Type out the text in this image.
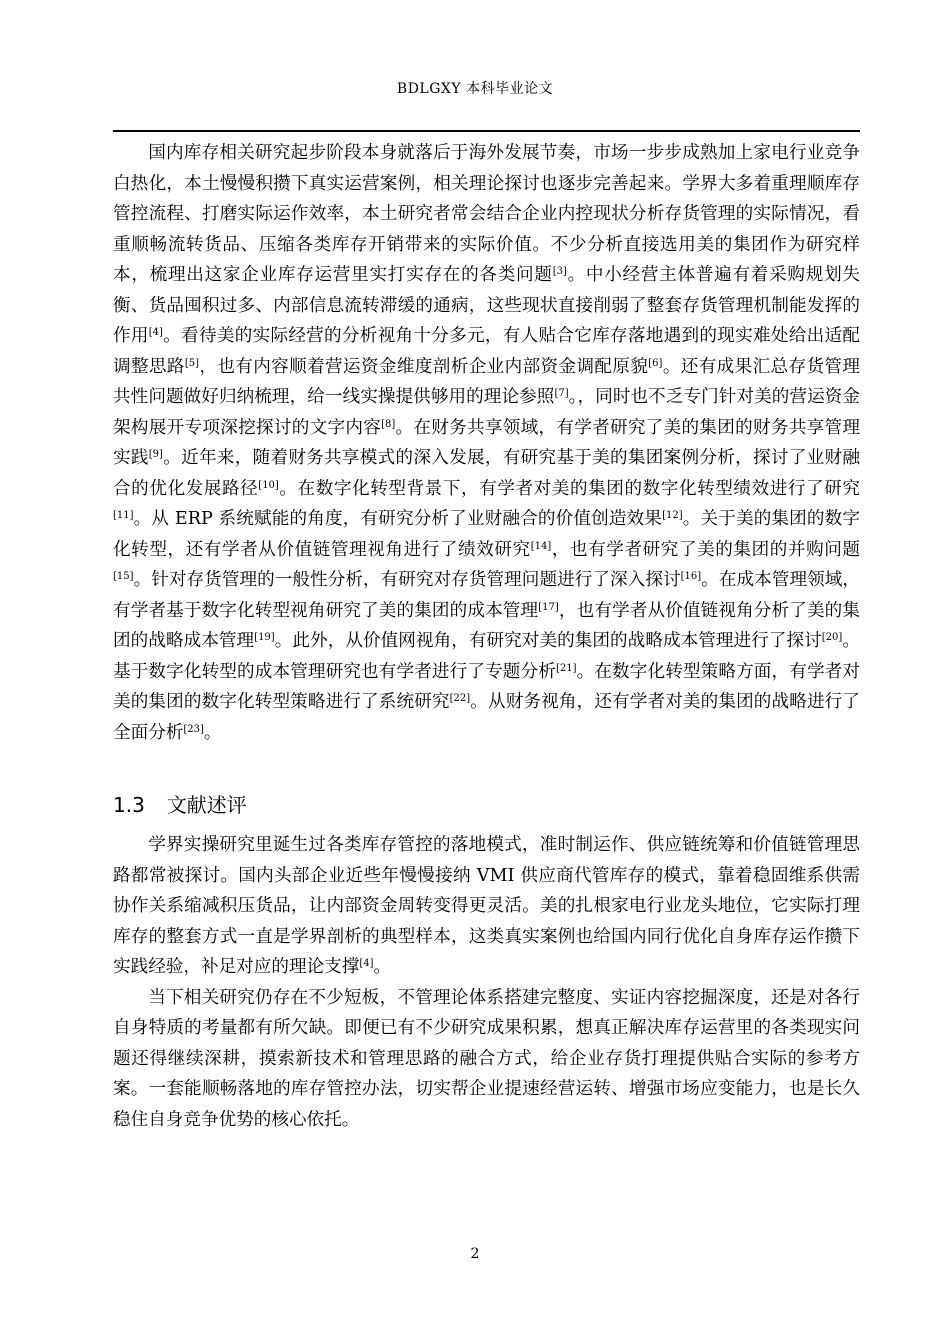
BDLGXY 本科毕业论文

国内库存相关研究起步阶段本身就落后于海外发展节奏，市场一步步成熟加上家电行业竞争白热化，本土慢慢积攒下真实运营案例，相关理论探讨也逐步完善起来。学界大多着重理顺库存管控流程、打磨实际运作效率，本土研究者常会结合企业内控现状分析存货管理的实际情况，看重顺畅流转货品、压缩各类库存开销带来的实际价值。不少分析直接选用美的集团作为研究样本，梳理出这家企业库存运营里实打实存在的各类问题[3]。中小经营主体普遍有着采购规划失衡、货品囤积过多、内部信息流转滞缓的通病，这些现状直接削弱了整套存货管理机制能发挥的作用[4]。看待美的实际经营的分析视角十分多元，有人贴合它库存落地遇到的现实难处给出适配调整思路[5]，也有内容顺着营运资金维度剖析企业内部资金调配原貌[6]。还有成果汇总存货管理共性问题做好归纳梳理，给一线实操提供够用的理论参照[7]。，同时也不乏专门针对美的营运资金架构展开专项深挖探讨的文字内容[8]。在财务共享领域，有学者研究了美的集团的财务共享管理实践[9]。近年来，随着财务共享模式的深入发展，有研究基于美的集团案例分析，探讨了业财融合的优化发展路径[10]。在数字化转型背景下，有学者对美的集团的数字化转型绩效进行了研究[11]。从 ERP 系统赋能的角度，有研究分析了业财融合的价值创造效果[12]。关于美的集团的数字化转型，还有学者从价值链管理视角进行了绩效研究[14]，也有学者研究了美的集团的并购问题[15]。针对存货管理的一般性分析，有研究对存货管理问题进行了深入探讨[16]。在成本管理领域，有学者基于数字化转型视角研究了美的集团的成本管理[17]，也有学者从价值链视角分析了美的集团的战略成本管理[19]。此外，从价值网视角，有研究对美的集团的战略成本管理进行了探讨[20]。基于数字化转型的成本管理研究也有学者进行了专题分析[21]。在数字化转型策略方面，有学者对美的集团的数字化转型策略进行了系统研究[22]。从财务视角，还有学者对美的集团的战略进行了全面分析[23]。

1.3 文献述评

学界实操研究里诞生过各类库存管控的落地模式，准时制运作、供应链统筹和价值链管理思路都常被探讨。国内头部企业近些年慢慢接纳 VMI 供应商代管库存的模式，靠着稳固维系供需协作关系缩减积压货品，让内部资金周转变得更灵活。美的扎根家电行业龙头地位，它实际打理库存的整套方式一直是学界剖析的典型样本，这类真实案例也给国内同行优化自身库存运作攒下实践经验，补足对应的理论支撑[4]。

当下相关研究仍存在不少短板，不管理论体系搭建完整度、实证内容挖掘深度，还是对各行自身特质的考量都有所欠缺。即便已有不少研究成果积累，想真正解决库存运营里的各类现实问题还得继续深耕，摸索新技术和管理思路的融合方式，给企业存货打理提供贴合实际的参考方案。一套能顺畅落地的库存管控办法，切实帮企业提速经营运转、增强市场应变能力，也是长久稳住自身竞争优势的核心依托。

2
